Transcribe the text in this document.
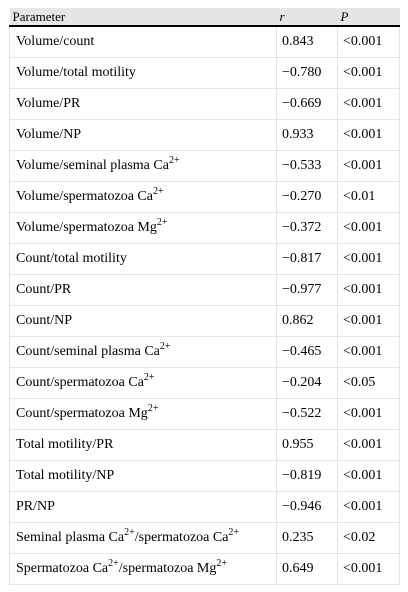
Parameter	r	P
Volume/count	0.843	<0.001
Volume/total motility	−0.780	<0.001
Volume/PR	−0.669	<0.001
Volume/NP	0.933	<0.001
Volume/seminal plasma $Ca^{2+}$	−0.533	<0.001
Volume/spermatozoa $Ca^{2+}$	−0.270	<0.01
Volume/spermatozoa $Mg^{2+}$	−0.372	<0.001
Count/total motility	−0.817	<0.001
Count/PR	−0.977	<0.001
Count/NP	0.862	<0.001
Count/seminal plasma $Ca^{2+}$	−0.465	<0.001
Count/spermatozoa $Ca^{2+}$	−0.204	<0.05
Count/spermatozoa $Mg^{2+}$	−0.522	<0.001
Total motility/PR	0.955	<0.001
Total motility/NP	−0.819	<0.001
PR/NP	−0.946	<0.001
Seminal plasma $Ca^{2+}$/spermatozoa $Ca^{2+}$	0.235	<0.02
Spermatozoa $Ca^{2+}$/spermatozoa $Mg^{2+}$	0.649	<0.001
